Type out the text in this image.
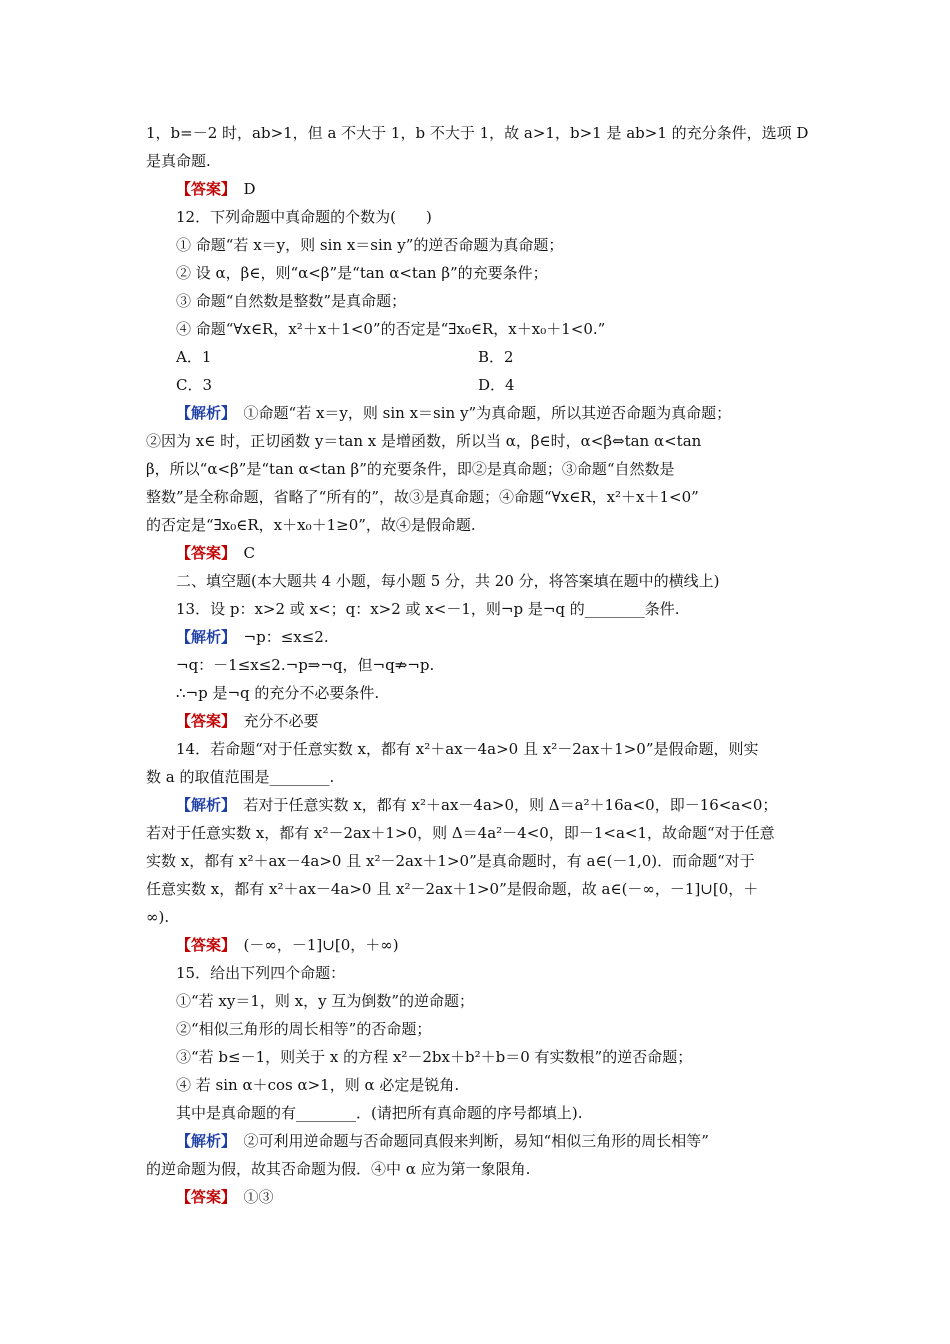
1，b=－2 时，ab>1，但 a 不大于 1，b 不大于 1，故 a>1，b>1 是 ab>1 的充分条件，选项 D
是真命题.
【答案】　 D
12．下列命题中真命题的个数为(　　)
① 命题“若 x＝y，则 sin x＝sin y”的逆否命题为真命题；
② 设 α，β∈，则“α<β”是“tan α<tan β”的充要条件；
③ 命题“自然数是整数”是真命题；
④ 命题“∀x∈R，x²＋x＋1<0”的否定是“∃x₀∈R，x＋x₀＋1<0.”
【解析】　 ①命题“若 x＝y，则 sin x＝sin y”为真命题，所以其逆否命题为真命题；
②因为 x∈ 时，正切函数 y＝tan x 是增函数，所以当 α，β∈时，α<β⇔tan α<tan
β，所以“α<β”是“tan α<tan β”的充要条件，即②是真命题；③命题“自然数是
整数”是全称命题，省略了“所有的”，故③是真命题；④命题“∀x∈R，x²＋x＋1<0”
的否定是“∃x₀∈R，x＋x₀＋1≥0”，故④是假命题.
【答案】　 C
二、填空题(本大题共 4 小题，每小题 5 分，共 20 分，将答案填在题中的横线上)
13．设 p：x>2 或 x<；q：x>2 或 x<－1，则¬p 是¬q 的________条件.
【解析】　 ¬p：≤x≤2.
¬q：－1≤x≤2.¬p⇒¬q，但¬q⇏¬p.
∴¬p 是¬q 的充分不必要条件.
【答案】　 充分不必要
14．若命题“对于任意实数 x，都有 x²＋ax－4a>0 且 x²－2ax＋1>0”是假命题，则实
数 a 的取值范围是________.
【解析】　 若对于任意实数 x，都有 x²＋ax－4a>0，则 Δ＝a²＋16a<0，即－16<a<0；
若对于任意实数 x，都有 x²－2ax＋1>0，则 Δ＝4a²－4<0，即－1<a<1，故命题“对于任意
实数 x，都有 x²＋ax－4a>0 且 x²－2ax＋1>0”是真命题时，有 a∈(－1,0)．而命题“对于
任意实数 x，都有 x²＋ax－4a>0 且 x²－2ax＋1>0”是假命题，故 a∈(－∞，－1]∪[0，＋
∞).
【答案】　 (－∞，－1]∪[0，＋∞)
15．给出下列四个命题：
①“若 xy＝1，则 x，y 互为倒数”的逆命题；
②“相似三角形的周长相等”的否命题；
③“若 b≤－1，则关于 x 的方程 x²－2bx＋b²＋b＝0 有实数根”的逆否命题；
④ 若 sin α＋cos α>1，则 α 必定是锐角.
其中是真命题的有________．(请把所有真命题的序号都填上).
【解析】　 ②可利用逆命题与否命题同真假来判断，易知“相似三角形的周长相等”
的逆命题为假，故其否命题为假．④中 α 应为第一象限角.
【答案】　 ①③
A．1	B．2
C．3	D．4
